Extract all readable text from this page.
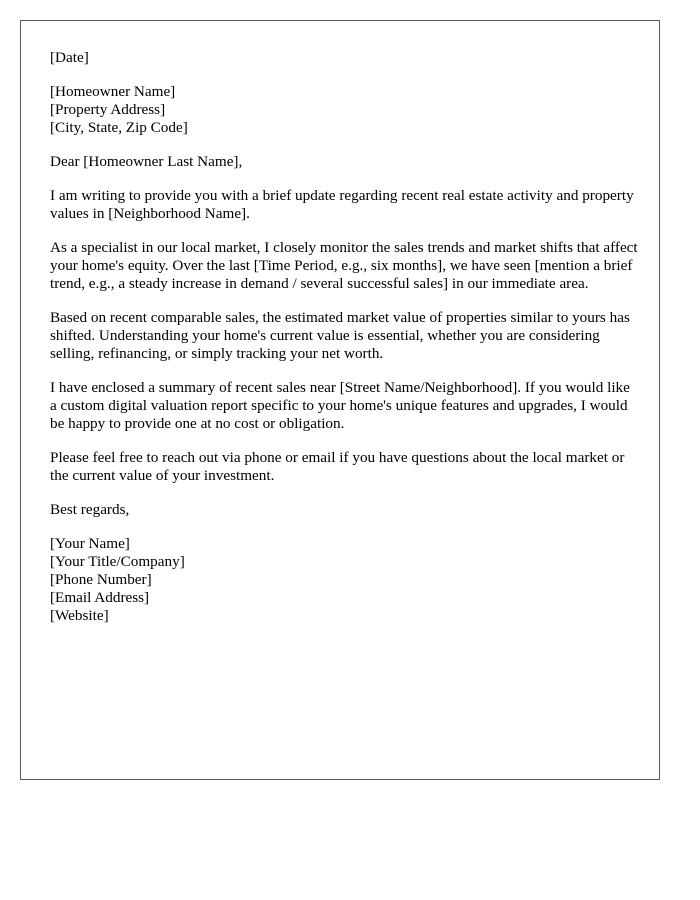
[Date]

[Homeowner Name]
[Property Address]
[City, State, Zip Code]

Dear [Homeowner Last Name],

I am writing to provide you with a brief update regarding recent real estate activity and property values in [Neighborhood Name].

As a specialist in our local market, I closely monitor the sales trends and market shifts that affect your home's equity. Over the last [Time Period, e.g., six months], we have seen [mention a brief trend, e.g., a steady increase in demand / several successful sales] in our immediate area.

Based on recent comparable sales, the estimated market value of properties similar to yours has shifted. Understanding your home's current value is essential, whether you are considering selling, refinancing, or simply tracking your net worth.

I have enclosed a summary of recent sales near [Street Name/Neighborhood]. If you would like a custom digital valuation report specific to your home's unique features and upgrades, I would be happy to provide one at no cost or obligation.

Please feel free to reach out via phone or email if you have questions about the local market or the current value of your investment.

Best regards,

[Your Name]
[Your Title/Company]
[Phone Number]
[Email Address]
[Website]
